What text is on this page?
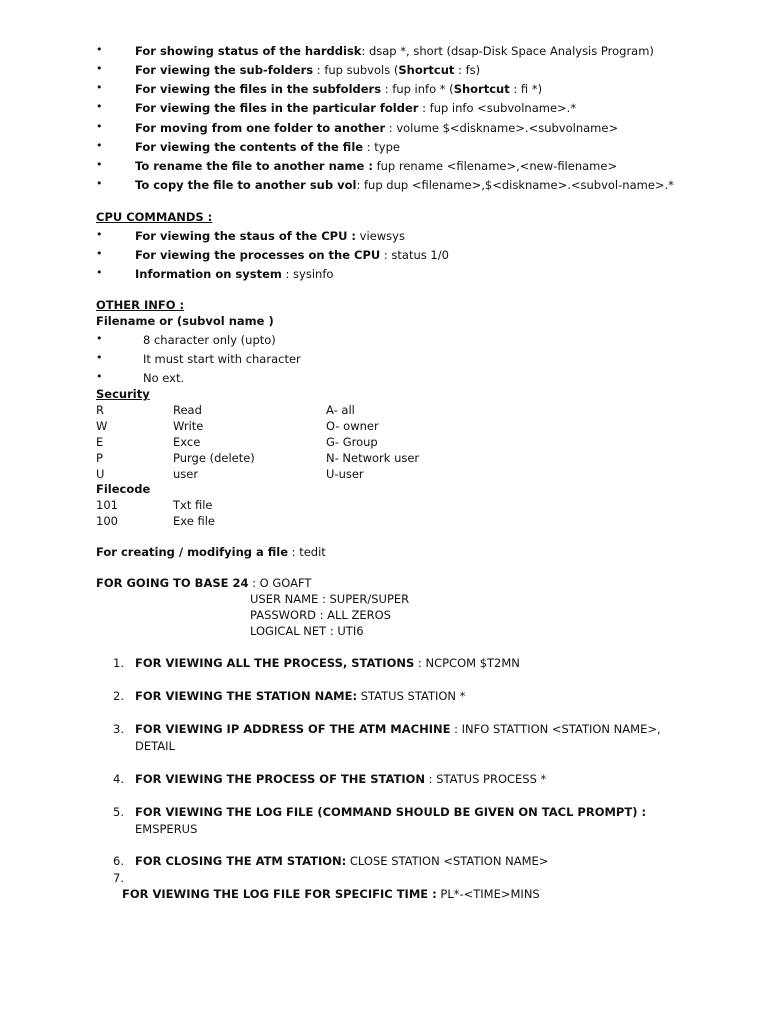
•	For showing status of the harddisk: dsap *, short (dsap-Disk Space Analysis Program)
•	For viewing the sub-folders : fup subvols (Shortcut : fs)
•	For viewing the files in the subfolders : fup info * (Shortcut : fi *)
•	For viewing the files in the particular folder : fup info <subvolname>.*
•	For moving from one folder to another : volume $<diskname>.<subvolname>
•	For viewing the contents of the file : type
•	To rename the file to another name : fup rename <filename>,<new-filename>
•	To copy the file to another sub vol: fup dup <filename>,$<diskname>.<subvol-name>.*
CPU COMMANDS :
•	For viewing the staus of the CPU : viewsys
•	For viewing the processes on the CPU : status 1/0
•	Information on system : sysinfo
OTHER INFO :
Filename or (subvol name )
•	8 character only (upto)
•	It must start with character
•	No ext.
Security
R	Read	A- all
W	Write	O- owner
E	Exce	G- Group
P	Purge (delete)	N- Network user
U	user	U-user
Filecode
101	Txt file
100	Exe file
For creating / modifying a file : tedit
FOR GOING TO BASE 24 : O GOAFT
USER NAME : SUPER/SUPER
PASSWORD : ALL ZEROS
LOGICAL NET : UTI6
1. FOR VIEWING ALL THE PROCESS, STATIONS : NCPCOM $T2MN
2. FOR VIEWING THE STATION NAME: STATUS STATION *
3. FOR VIEWING IP ADDRESS OF THE ATM MACHINE : INFO STATTION <STATION NAME>,
DETAIL
4. FOR VIEWING THE PROCESS OF THE STATION : STATUS PROCESS *
5. FOR VIEWING THE LOG FILE (COMMAND SHOULD BE GIVEN ON TACL PROMPT) :
EMSPERUS
6. FOR CLOSING THE ATM STATION: CLOSE STATION <STATION NAME>
7.
FOR VIEWING THE LOG FILE FOR SPECIFIC TIME : PL*-<TIME>MINS
